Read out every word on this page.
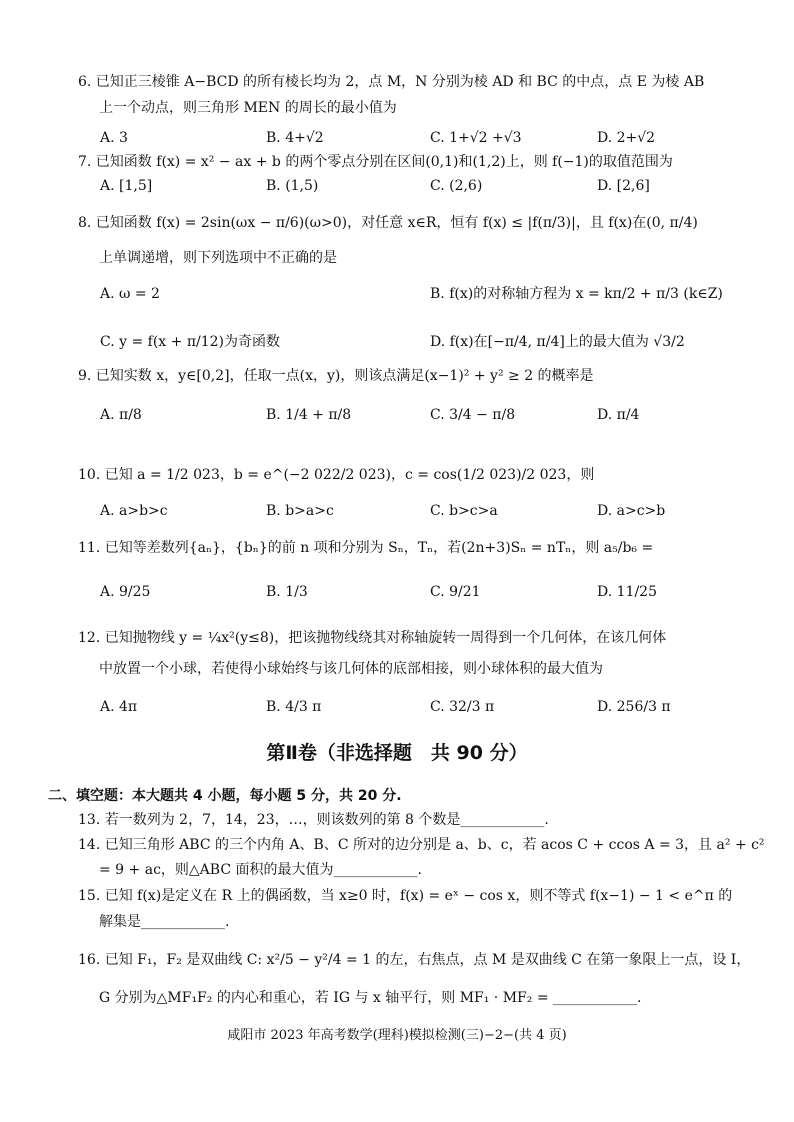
6. 已知正三棱锥 A−BCD 的所有棱长均为 2，点 M，N 分别为棱 AD 和 BC 的中点，点 E 为棱 AB
上一个动点，则三角形 MEN 的周长的最小值为
A. 3	B. 4+√2	C. 1+√2 +√3	D. 2+√2
7. 已知函数 f(x) = x² − ax + b 的两个零点分别在区间(0,1)和(1,2)上，则 f(−1)的取值范围为
A. [1,5]	B. (1,5)	C. (2,6)	D. [2,6]
8. 已知函数 f(x) = 2sin(ωx − π/6)(ω>0)，对任意 x∈R，恒有 f(x) ≤ |f(π/3)|，且 f(x)在(0, π/4)
上单调递增，则下列选项中不正确的是
A. ω = 2	B. f(x)的对称轴方程为 x = kπ/2 + π/3 (k∈Z)
C. y = f(x + π/12)为奇函数	D. f(x)在[−π/4, π/4]上的最大值为 √3/2
9. 已知实数 x，y∈[0,2]，任取一点(x，y)，则该点满足(x−1)² + y² ≥ 2 的概率是
A. π/8	B. 1/4 + π/8	C. 3/4 − π/8	D. π/4
10. 已知 a = 1/2 023，b = e^(−2 022/2 023)，c = cos(1/2 023)/2 023，则
A. a>b>c	B. b>a>c	C. b>c>a	D. a>c>b
11. 已知等差数列{aₙ}，{bₙ}的前 n 项和分别为 Sₙ，Tₙ，若(2n+3)Sₙ = nTₙ，则 a₅/b₆ =
A. 9/25	B. 1/3	C. 9/21	D. 11/25
12. 已知抛物线 y = ¼x²(y≤8)，把该抛物线绕其对称轴旋转一周得到一个几何体，在该几何体
中放置一个小球，若使得小球始终与该几何体的底部相接，则小球体积的最大值为
A. 4π	B. 4/3 π	C. 32/3 π	D. 256/3 π
第Ⅱ卷（非选择题　共 90 分）
二、填空题：本大题共 4 小题，每小题 5 分，共 20 分.
13. 若一数列为 2，7，14，23，…，则该数列的第 8 个数是____________.
14. 已知三角形 ABC 的三个内角 A、B、C 所对的边分别是 a、b、c，若 acos C + ccos A = 3，且 a² + c²
= 9 + ac，则△ABC 面积的最大值为____________.
15. 已知 f(x)是定义在 R 上的偶函数，当 x≥0 时，f(x) = eˣ − cos x，则不等式 f(x−1) − 1 < e^π 的
解集是____________.
16. 已知 F₁，F₂ 是双曲线 C: x²/5 − y²/4 = 1 的左，右焦点，点 M 是双曲线 C 在第一象限上一点，设 I，
G 分别为△MF₁F₂ 的内心和重心，若 IG 与 x 轴平行，则 MF₁ · MF₂ = ____________.
咸阳市 2023 年高考数学(理科)模拟检测(三)−2−(共 4 页)
